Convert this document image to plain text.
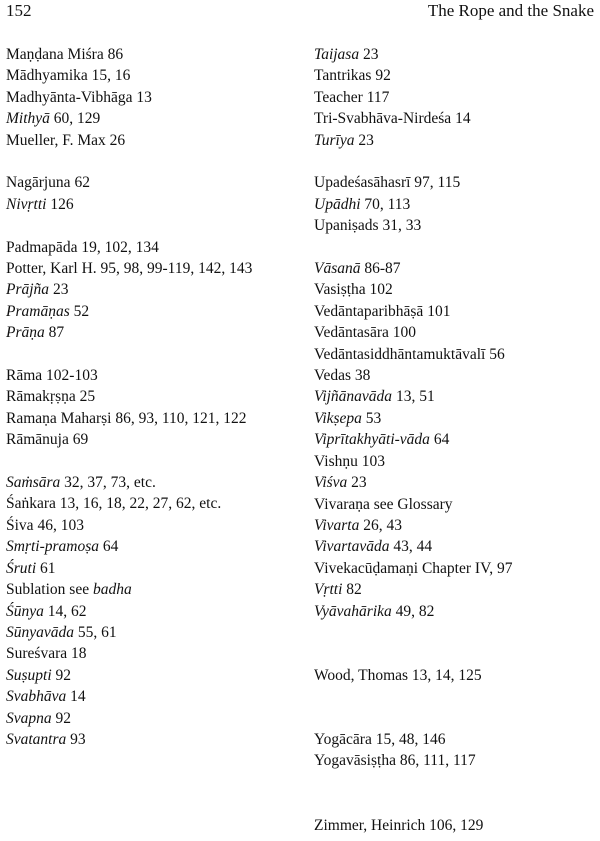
152	The Rope and the Snake
Maṇḍana Miśra 86
Mādhyamika 15, 16
Madhyānta-Vibhāga 13
Mithyā 60, 129
Mueller, F. Max 26
Nagārjuna 62
Nivṛtti 126
Padmapāda 19, 102, 134
Potter, Karl H. 95, 98, 99-119, 142, 143
Prājña 23
Pramāṇas 52
Prāṇa 87
Rāma 102-103
Rāmakṛṣṇa 25
Ramaṇa Maharṣi 86, 93, 110, 121, 122
Rāmānuja 69
Saṁsāra 32, 37, 73, etc.
Śaṅkara 13, 16, 18, 22, 27, 62, etc.
Śiva 46, 103
Smṛti-pramoṣa 64
Śruti 61
Sublation see badha
Śūnya 14, 62
Sūnyavāda 55, 61
Sureśvara 18
Suṣupti 92
Svabhāva 14
Svapna 92
Svatantra 93
Taijasa 23
Tantrikas 92
Teacher 117
Tri-Svabhāva-Nirdeśa 14
Turīya 23
Upadeśasāhasrī 97, 115
Upādhi 70, 113
Upaniṣads 31, 33
Vāsanā 86-87
Vasiṣṭha 102
Vedāntaparibhāṣā 101
Vedāntasāra 100
Vedāntasiddhāntamuktāvalī 56
Vedas 38
Vijñānavāda 13, 51
Vikṣepa 53
Viprītakhyāti-vāda 64
Vishṇu 103
Viśva 23
Vivaraṇa see Glossary
Vivarta 26, 43
Vivartavāda 43, 44
Vivekacūḍamaṇi Chapter IV, 97
Vṛtti 82
Vyāvahārika 49, 82
Wood, Thomas 13, 14, 125
Yogācāra 15, 48, 146
Yogavāsiṣṭha 86, 111, 117
Zimmer, Heinrich 106, 129
